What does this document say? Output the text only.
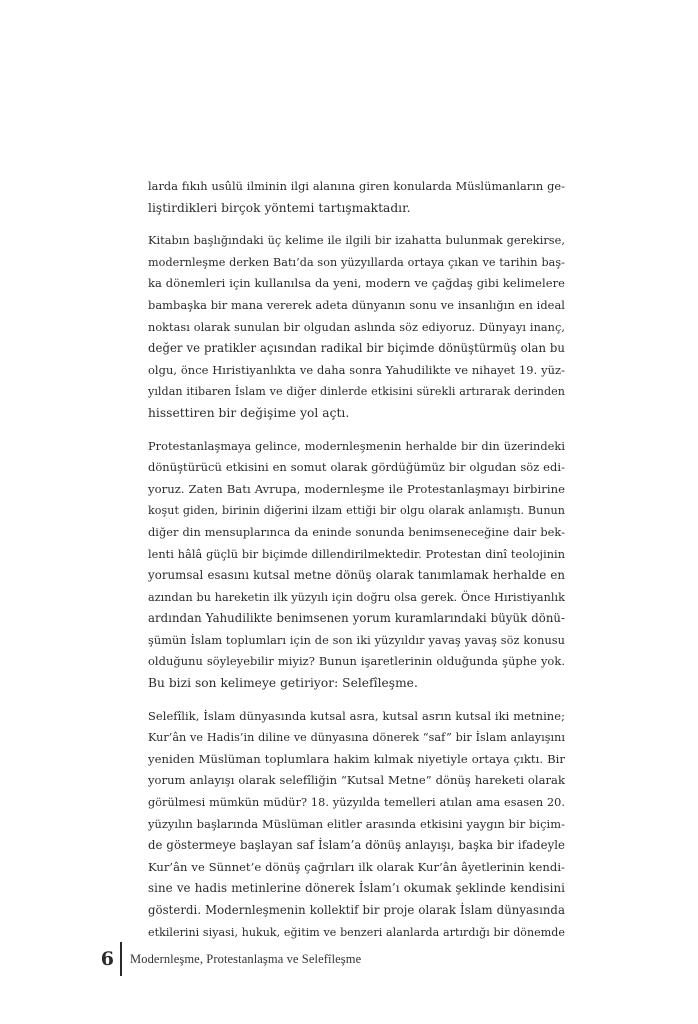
larda fıkıh usûlü ilminin ilgi alanına giren konularda Müslümanların ge-
liştirdikleri birçok yöntemi tartışmaktadır.

Kitabın başlığındaki üç kelime ile ilgili bir izahatta bulunmak gerekirse,
modernleşme derken Batı’da son yüzyıllarda ortaya çıkan ve tarihin baş-
ka dönemleri için kullanılsa da yeni, modern ve çağdaş gibi kelimelere
bambaşka bir mana vererek adeta dünyanın sonu ve insanlığın en ideal
noktası olarak sunulan bir olgudan aslında söz ediyoruz. Dünyayı inanç,
değer ve pratikler açısından radikal bir biçimde dönüştürmüş olan bu
olgu, önce Hıristiyanlıkta ve daha sonra Yahudilikte ve nihayet 19. yüz-
yıldan itibaren İslam ve diğer dinlerde etkisini sürekli artırarak derinden
hissettiren bir değişime yol açtı.

Protestanlaşmaya gelince, modernleşmenin herhalde bir din üzerindeki
dönüştürücü etkisini en somut olarak gördüğümüz bir olgudan söz edi-
yoruz. Zaten Batı Avrupa, modernleşme ile Protestanlaşmayı birbirine
koşut giden, birinin diğerini ilzam ettiği bir olgu olarak anlamıştı. Bunun
diğer din mensuplarınca da eninde sonunda benimseneceğine dair bek-
lenti hâlâ güçlü bir biçimde dillendirilmektedir. Protestan dinî teolojinin
yorumsal esasını kutsal metne dönüş olarak tanımlamak herhalde en
azından bu hareketin ilk yüzyılı için doğru olsa gerek. Önce Hıristiyanlık
ardından Yahudilikte benimsenen yorum kuramlarındaki büyük dönü-
şümün İslam toplumları için de son iki yüzyıldır yavaş yavaş söz konusu
olduğunu söyleyebilir miyiz? Bunun işaretlerinin olduğunda şüphe yok.
Bu bizi son kelimeye getiriyor: Selefîleşme.

Selefîlik, İslam dünyasında kutsal asra, kutsal asrın kutsal iki metnine;
Kur’ân ve Hadis’in diline ve dünyasına dönerek “saf” bir İslam anlayışını
yeniden Müslüman toplumlara hakim kılmak niyetiyle ortaya çıktı. Bir
yorum anlayışı olarak selefîliğin “Kutsal Metne” dönüş hareketi olarak
görülmesi mümkün müdür? 18. yüzyılda temelleri atılan ama esasen 20.
yüzyılın başlarında Müslüman elitler arasında etkisini yaygın bir biçim-
de göstermeye başlayan saf İslam’a dönüş anlayışı, başka bir ifadeyle
Kur’ân ve Sünnet’e dönüş çağrıları ilk olarak Kur’ân âyetlerinin kendi-
sine ve hadis metinlerine dönerek İslam’ı okumak şeklinde kendisini
gösterdi. Modernleşmenin kollektif bir proje olarak İslam dünyasında
etkilerini siyasi, hukuk, eğitim ve benzeri alanlarda artırdığı bir dönemde

6 Modernleşme, Protestanlaşma ve Selefîleşme
